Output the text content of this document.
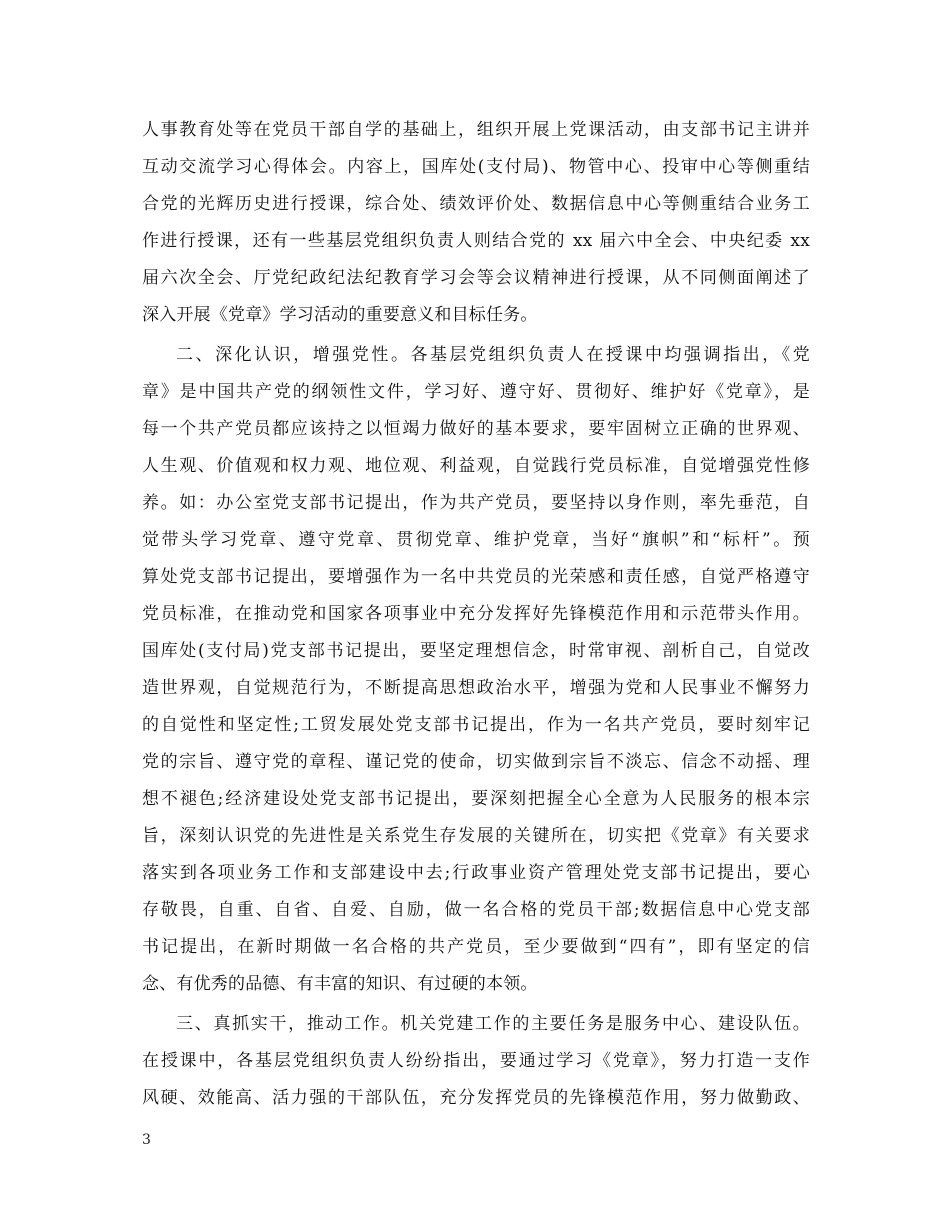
人事教育处等在党员干部自学的基础上，组织开展上党课活动，由支部书记主讲并
互动交流学习心得体会。内容上，国库处(支付局)、物管中心、投审中心等侧重结
合党的光辉历史进行授课，综合处、绩效评价处、数据信息中心等侧重结合业务工
作进行授课，还有一些基层党组织负责人则结合党的 xx 届六中全会、中央纪委 xx
届六次全会、厅党纪政纪法纪教育学习会等会议精神进行授课，从不同侧面阐述了
深入开展《党章》学习活动的重要意义和目标任务。
二、深化认识，增强党性。各基层党组织负责人在授课中均强调指出，《党
章》是中国共产党的纲领性文件，学习好、遵守好、贯彻好、维护好《党章》，是
每一个共产党员都应该持之以恒竭力做好的基本要求，要牢固树立正确的世界观、
人生观、价值观和权力观、地位观、利益观，自觉践行党员标准，自觉增强党性修
养。如：办公室党支部书记提出，作为共产党员，要坚持以身作则，率先垂范，自
觉带头学习党章、遵守党章、贯彻党章、维护党章，当好“旗帜”和“标杆”。预
算处党支部书记提出，要增强作为一名中共党员的光荣感和责任感，自觉严格遵守
党员标准，在推动党和国家各项事业中充分发挥好先锋模范作用和示范带头作用。
国库处(支付局)党支部书记提出，要坚定理想信念，时常审视、剖析自己，自觉改
造世界观，自觉规范行为，不断提高思想政治水平，增强为党和人民事业不懈努力
的自觉性和坚定性;工贸发展处党支部书记提出，作为一名共产党员，要时刻牢记
党的宗旨、遵守党的章程、谨记党的使命，切实做到宗旨不淡忘、信念不动摇、理
想不褪色;经济建设处党支部书记提出，要深刻把握全心全意为人民服务的根本宗
旨，深刻认识党的先进性是关系党生存发展的关键所在，切实把《党章》有关要求
落实到各项业务工作和支部建设中去;行政事业资产管理处党支部书记提出，要心
存敬畏，自重、自省、自爱、自励，做一名合格的党员干部;数据信息中心党支部
书记提出，在新时期做一名合格的共产党员，至少要做到“四有”，即有坚定的信
念、有优秀的品德、有丰富的知识、有过硬的本领。
三、真抓实干，推动工作。机关党建工作的主要任务是服务中心、建设队伍。
在授课中，各基层党组织负责人纷纷指出，要通过学习《党章》，努力打造一支作
风硬、效能高、活力强的干部队伍，充分发挥党员的先锋模范作用，努力做勤政、
3
